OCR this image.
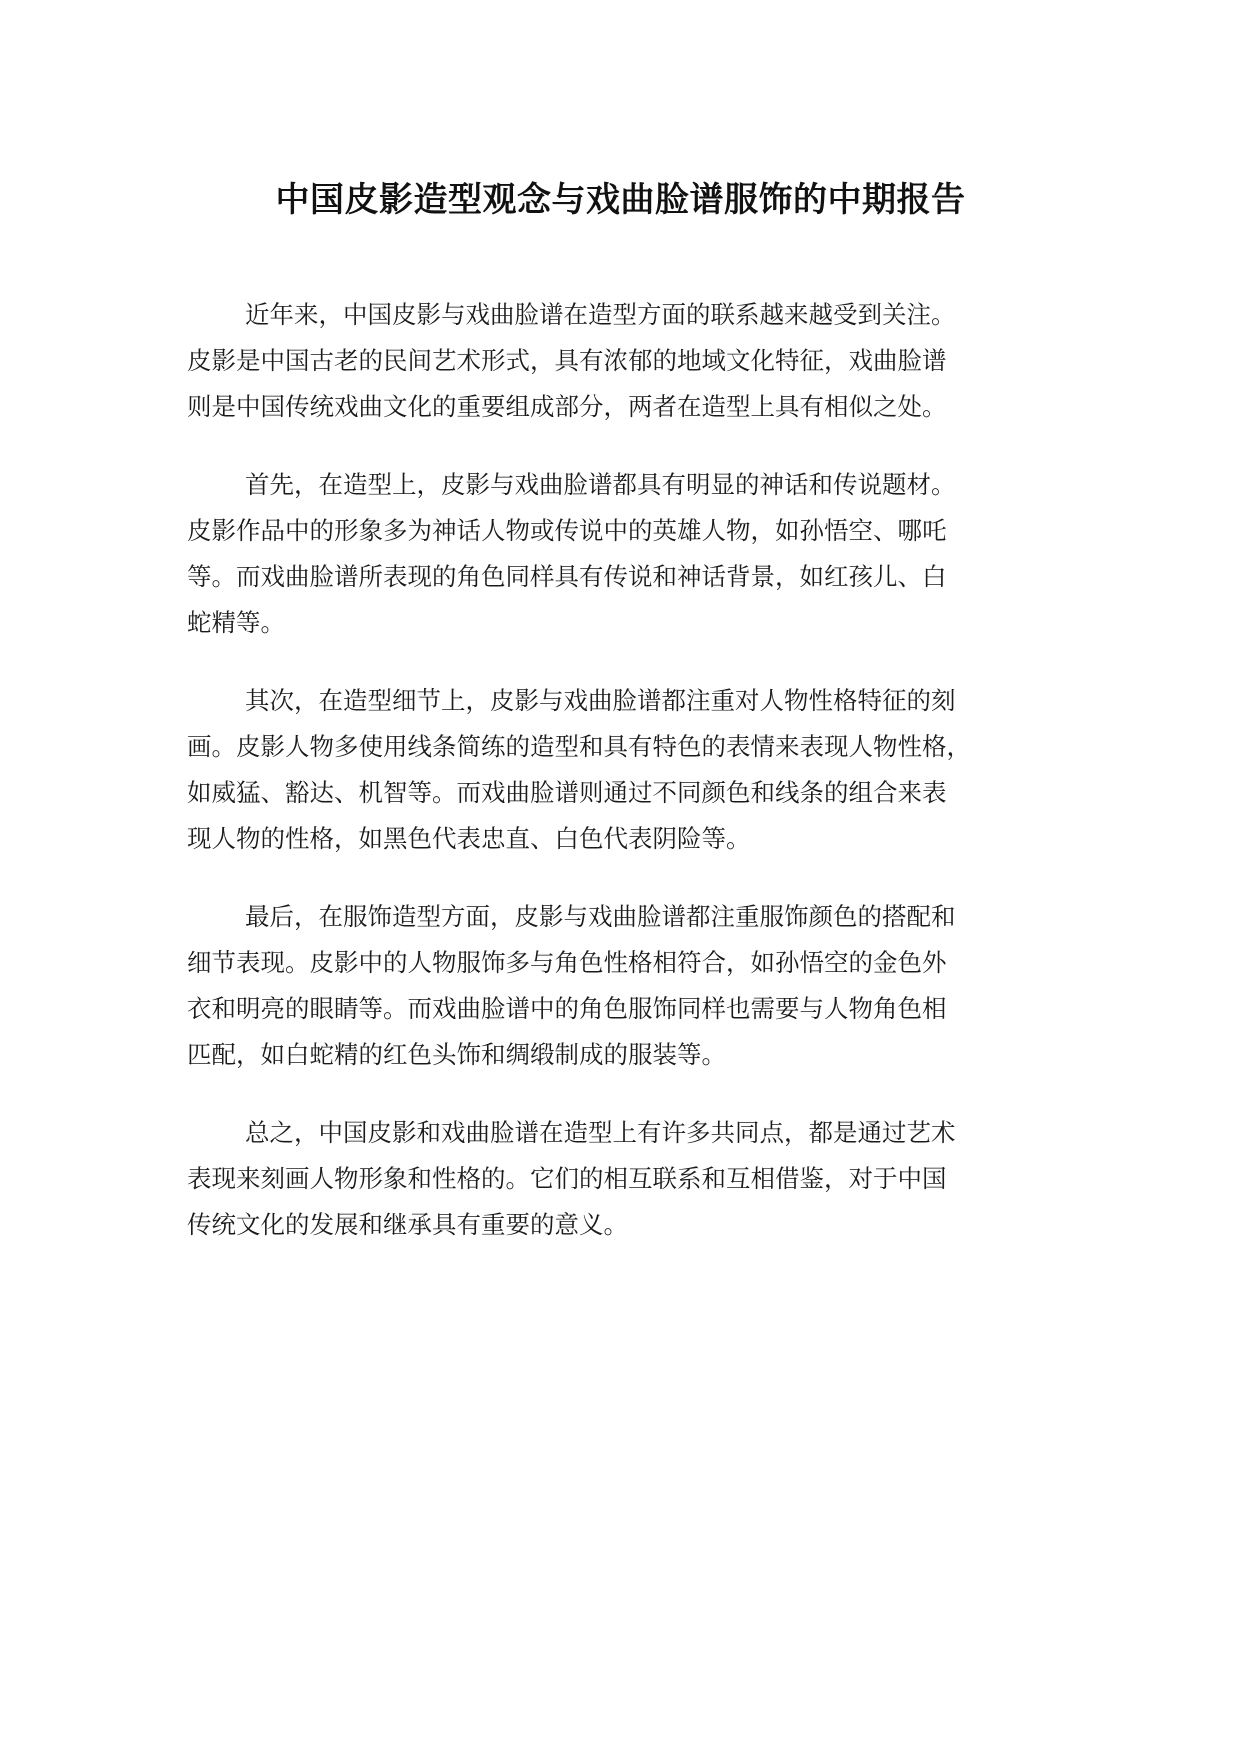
中国皮影造型观念与戏曲脸谱服饰的中期报告
近年来，中国皮影与戏曲脸谱在造型方面的联系越来越受到关注。
皮影是中国古老的民间艺术形式，具有浓郁的地域文化特征，戏曲脸谱
则是中国传统戏曲文化的重要组成部分，两者在造型上具有相似之处。
首先，在造型上，皮影与戏曲脸谱都具有明显的神话和传说题材。
皮影作品中的形象多为神话人物或传说中的英雄人物，如孙悟空、哪吒
等。而戏曲脸谱所表现的角色同样具有传说和神话背景，如红孩儿、白
蛇精等。
其次，在造型细节上，皮影与戏曲脸谱都注重对人物性格特征的刻
画。皮影人物多使用线条简练的造型和具有特色的表情来表现人物性格，
如威猛、豁达、机智等。而戏曲脸谱则通过不同颜色和线条的组合来表
现人物的性格，如黑色代表忠直、白色代表阴险等。
最后，在服饰造型方面，皮影与戏曲脸谱都注重服饰颜色的搭配和
细节表现。皮影中的人物服饰多与角色性格相符合，如孙悟空的金色外
衣和明亮的眼睛等。而戏曲脸谱中的角色服饰同样也需要与人物角色相
匹配，如白蛇精的红色头饰和绸缎制成的服装等。
总之，中国皮影和戏曲脸谱在造型上有许多共同点，都是通过艺术
表现来刻画人物形象和性格的。它们的相互联系和互相借鉴，对于中国
传统文化的发展和继承具有重要的意义。
